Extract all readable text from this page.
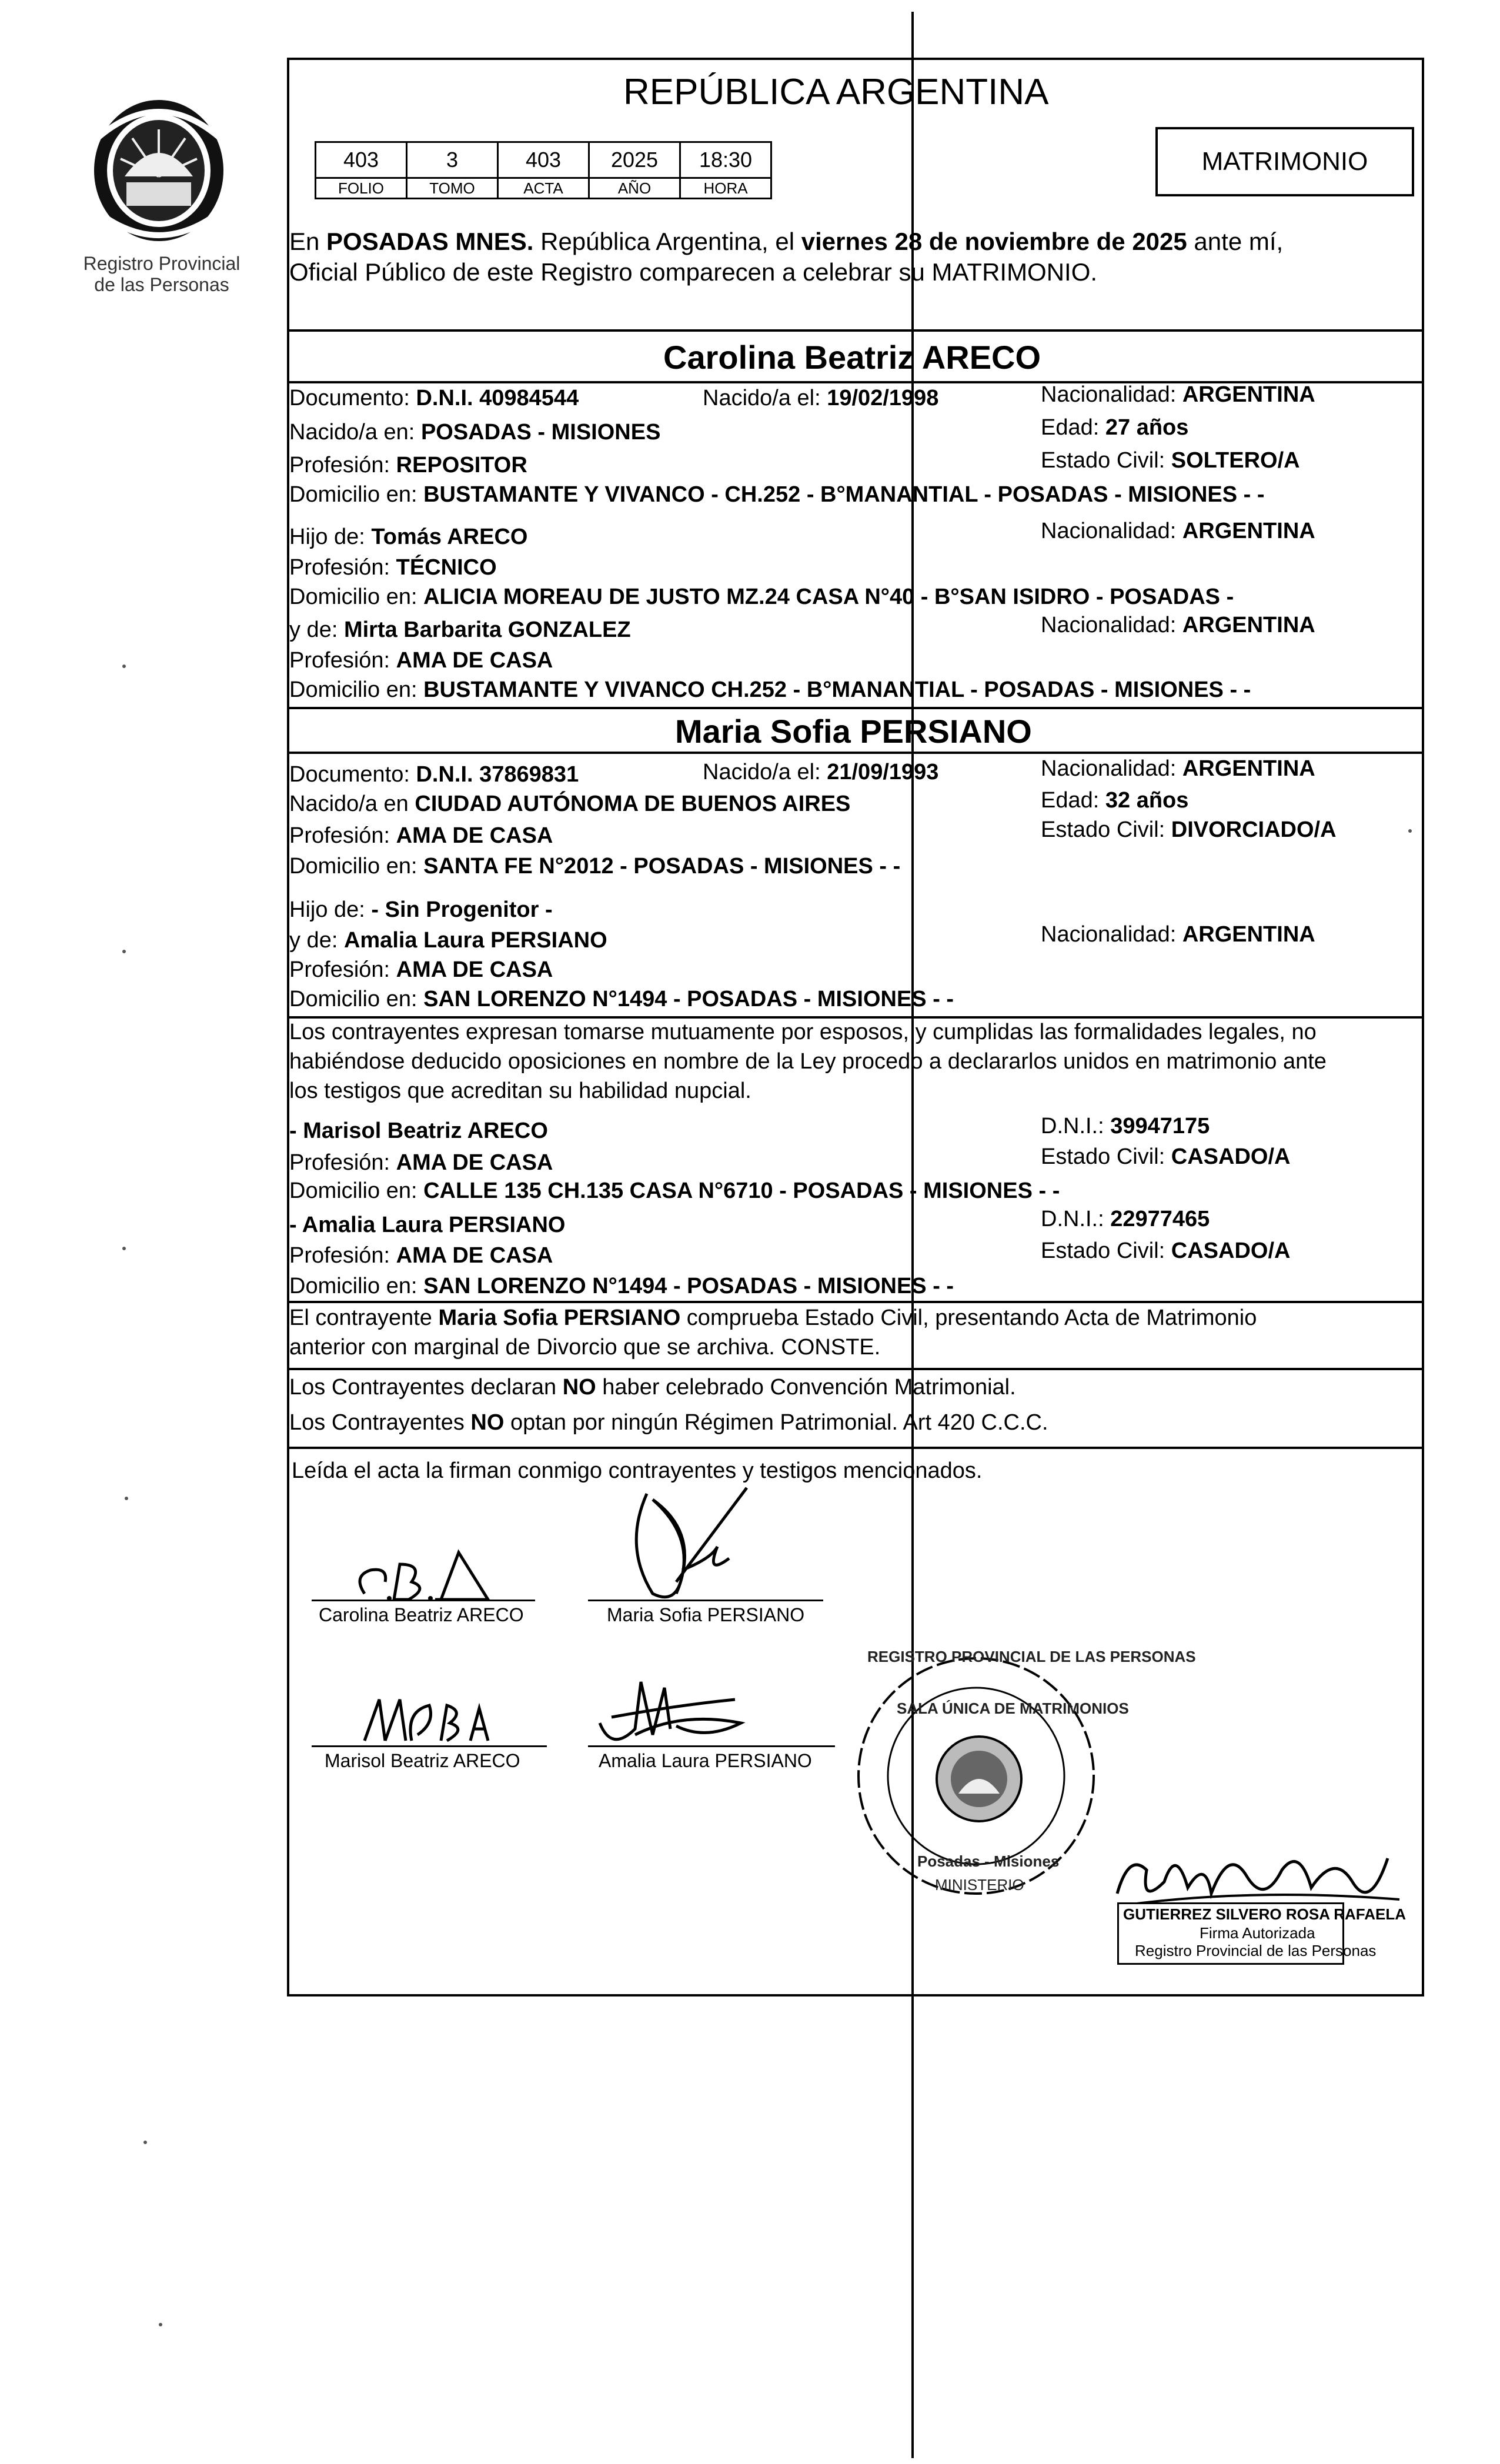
Registro Provincial
de las Personas
REPÚBLICA ARGENTINA
403	3	403	2025	18:30
FOLIO	TOMO	ACTA	AÑO	HORA
MATRIMONIO
En POSADAS MNES. República Argentina, el viernes 28 de noviembre de 2025 ante mí,
Oficial Público de este Registro comparecen a celebrar su MATRIMONIO.
Carolina Beatriz ARECO
Documento: D.N.I. 40984544	Nacido/a el: 19/02/1998	Nacionalidad: ARGENTINA
Nacido/a en: POSADAS - MISIONES	Edad: 27 años
Profesión: REPOSITOR	Estado Civil: SOLTERO/A
Domicilio en: BUSTAMANTE Y VIVANCO - CH.252 - B°MANANTIAL - POSADAS - MISIONES - -
Hijo de: Tomás ARECO	Nacionalidad: ARGENTINA
Profesión: TÉCNICO
Domicilio en: ALICIA MOREAU DE JUSTO MZ.24 CASA N°40 - B°SAN ISIDRO - POSADAS -
y de: Mirta Barbarita GONZALEZ	Nacionalidad: ARGENTINA
Profesión: AMA DE CASA
Domicilio en: BUSTAMANTE Y VIVANCO CH.252 - B°MANANTIAL - POSADAS - MISIONES - -
Maria Sofia PERSIANO
Documento: D.N.I. 37869831	Nacido/a el: 21/09/1993	Nacionalidad: ARGENTINA
Nacido/a en CIUDAD AUTÓNOMA DE BUENOS AIRES	Edad: 32 años
Profesión: AMA DE CASA	Estado Civil: DIVORCIADO/A
Domicilio en: SANTA FE N°2012 - POSADAS - MISIONES - -
Hijo de: - Sin Progenitor -
y de: Amalia Laura PERSIANO	Nacionalidad: ARGENTINA
Profesión: AMA DE CASA
Domicilio en: SAN LORENZO N°1494 - POSADAS - MISIONES - -
Los contrayentes expresan tomarse mutuamente por esposos, y cumplidas las formalidades legales, no
habiéndose deducido oposiciones en nombre de la Ley procedo a declararlos unidos en matrimonio ante
los testigos que acreditan su habilidad nupcial.
- Marisol Beatriz ARECO	D.N.I.: 39947175
Profesión: AMA DE CASA	Estado Civil: CASADO/A
Domicilio en: CALLE 135 CH.135 CASA N°6710 - POSADAS - MISIONES - -
- Amalia Laura PERSIANO	D.N.I.: 22977465
Profesión: AMA DE CASA	Estado Civil: CASADO/A
Domicilio en: SAN LORENZO N°1494 - POSADAS - MISIONES - -
El contrayente Maria Sofia PERSIANO comprueba Estado Civil, presentando Acta de Matrimonio
anterior con marginal de Divorcio que se archiva. CONSTE.
Los Contrayentes declaran NO haber celebrado Convención Matrimonial.
Los Contrayentes NO optan por ningún Régimen Patrimonial. Art 420 C.C.C.
Leída el acta la firman conmigo contrayentes y testigos mencionados.
Carolina Beatriz ARECO	Maria Sofia PERSIANO
Marisol Beatriz ARECO	Amalia Laura PERSIANO
REGISTRO PROVINCIAL DE LAS PERSONAS
SALA ÚNICA DE MATRIMONIOS
Posadas - Misiones
MINISTERIO
GUTIERREZ SILVERO ROSA RAFAELA
Firma Autorizada
Registro Provincial de las Personas
